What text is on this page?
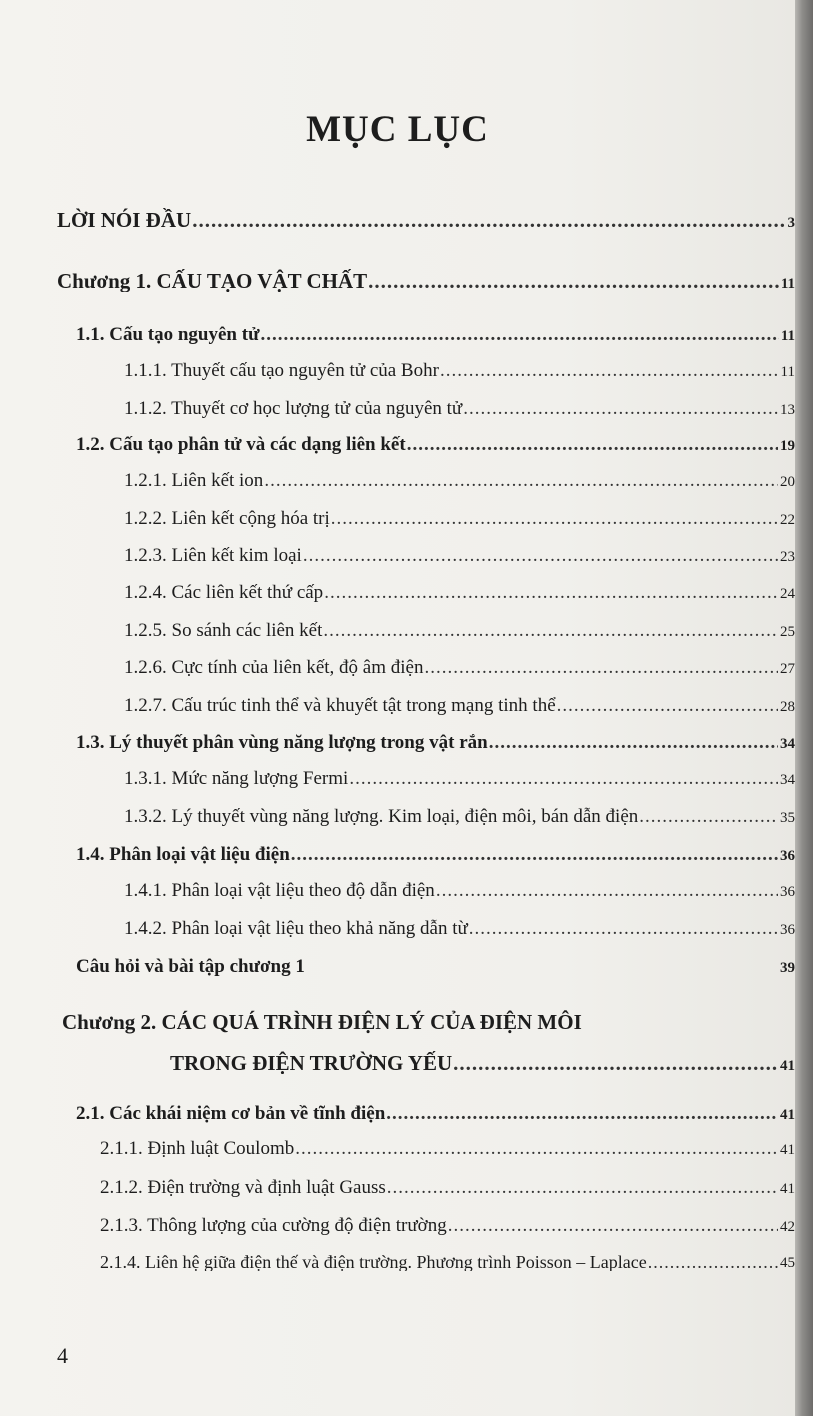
MỤC LỤC
LỜI NÓI ĐẦU .....	3
Chương 1. CẤU TẠO VẬT CHẤT .....	11
1.1. Cấu tạo nguyên tử .....	11
1.1.1. Thuyết cấu tạo nguyên tử của Bohr .....	11
1.1.2. Thuyết cơ học lượng tử của nguyên tử .....	13
1.2. Cấu tạo phân tử và các dạng liên kết .....	19
1.2.1. Liên kết ion .....	20
1.2.2. Liên kết cộng hóa trị .....	22
1.2.3. Liên kết kim loại .....	23
1.2.4. Các liên kết thứ cấp .....	24
1.2.5. So sánh các liên kết .....	25
1.2.6. Cực tính của liên kết, độ âm điện .....	27
1.2.7. Cấu trúc tinh thể và khuyết tật trong mạng tinh thể .....	28
1.3. Lý thuyết phân vùng năng lượng trong vật rắn .....	34
1.3.1. Mức năng lượng Fermi .....	34
1.3.2. Lý thuyết vùng năng lượng. Kim loại, điện môi, bán dẫn điện .....	35
1.4. Phân loại vật liệu điện .....	36
1.4.1. Phân loại vật liệu theo độ dẫn điện .....	36
1.4.2. Phân loại vật liệu theo khả năng dẫn từ .....	36
Câu hỏi và bài tập chương 1	39
Chương 2. CÁC QUÁ TRÌNH ĐIỆN LÝ CỦA ĐIỆN MÔI
TRONG ĐIỆN TRƯỜNG YẾU .....	41
2.1. Các khái niệm cơ bản về tĩnh điện .....	41
2.1.1. Định luật Coulomb .....	41
2.1.2. Điện trường và định luật Gauss .....	41
2.1.3. Thông lượng của cường độ điện trường .....	42
2.1.4. Liên hệ giữa điện thế và điện trường. Phương trình Poisson – Laplace .....	45
4
